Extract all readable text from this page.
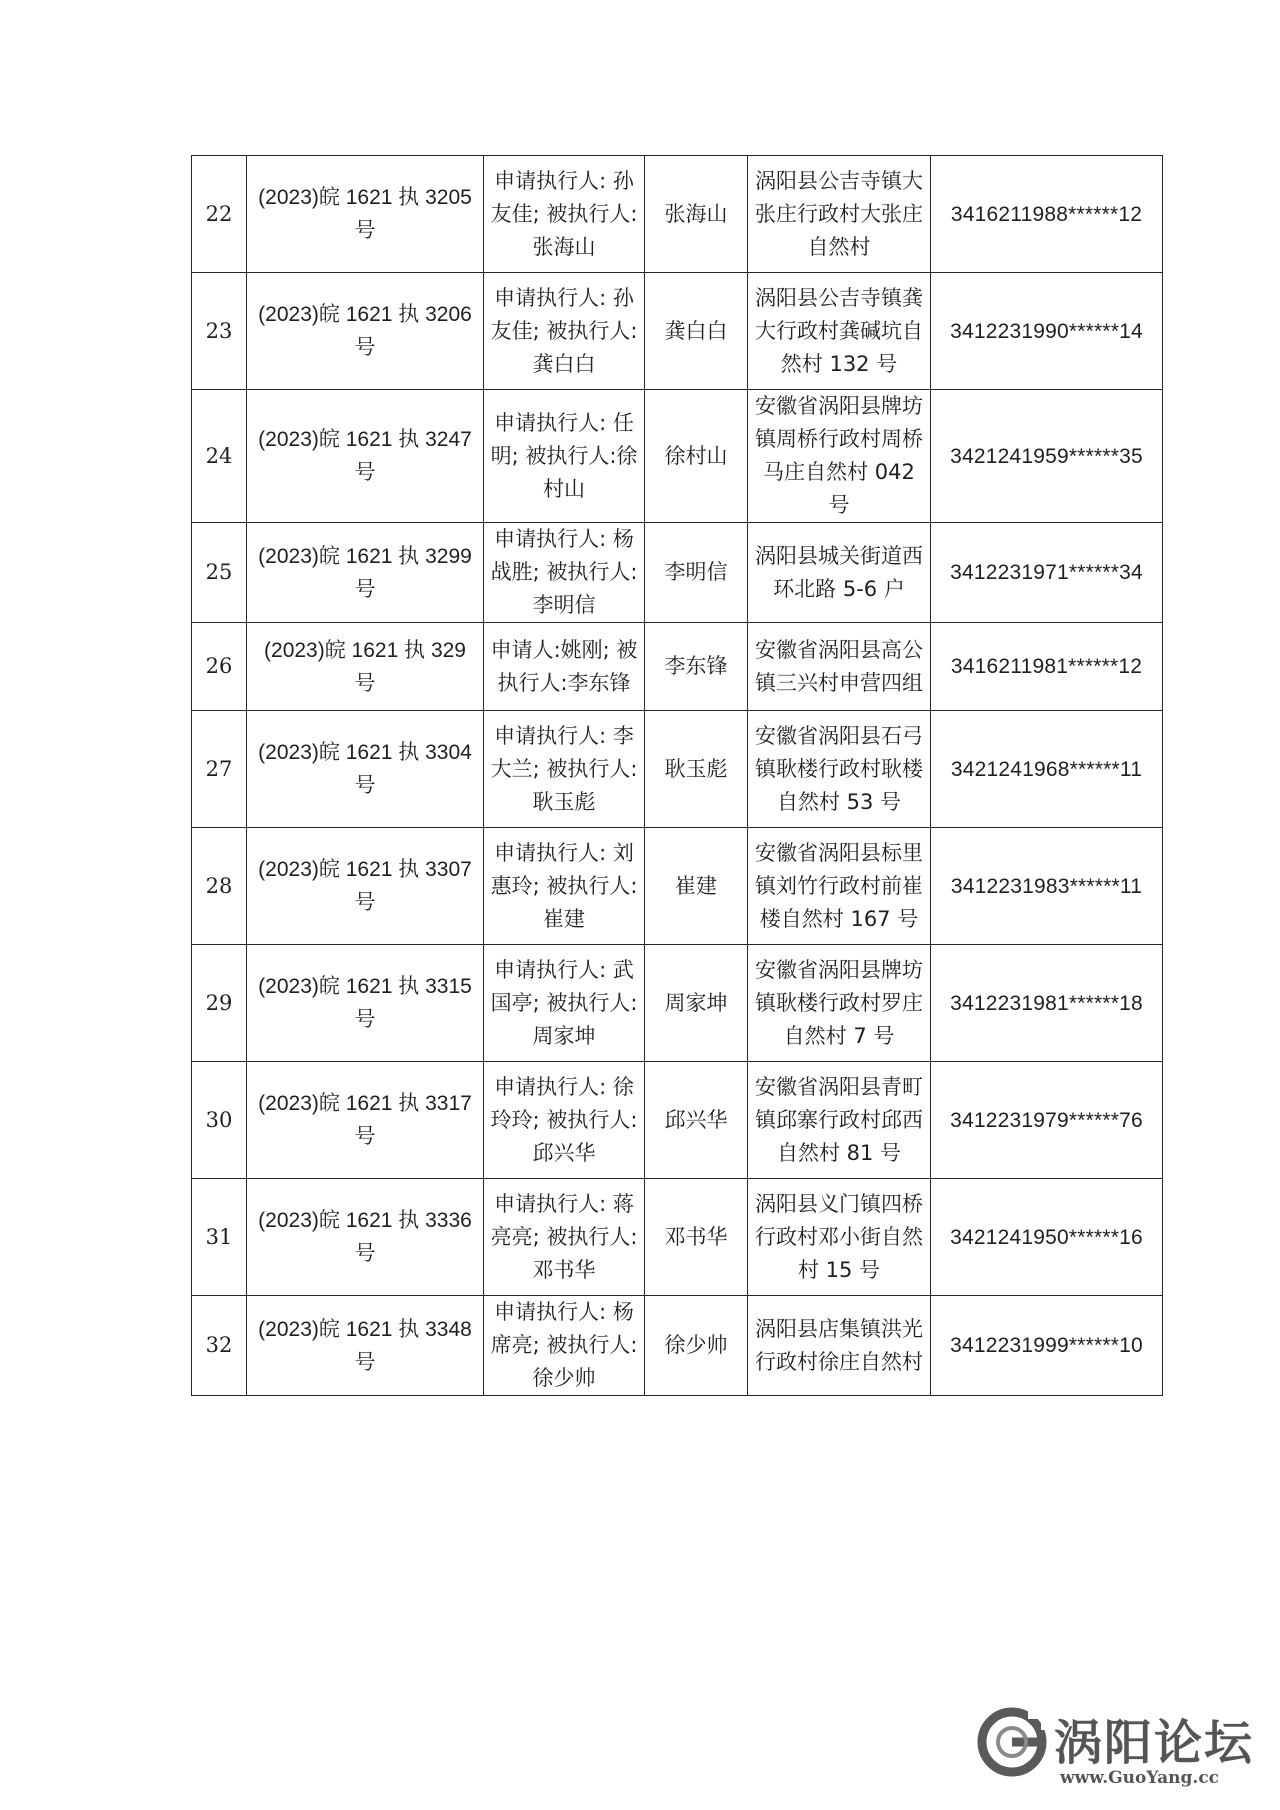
22	(2023)皖 1621 执 3205 号	申请执行人: 孙友佳; 被执行人:张海山	张海山	涡阳县公吉寺镇大张庄行政村大张庄自然村	3416211988******12
23	(2023)皖 1621 执 3206 号	申请执行人: 孙友佳; 被执行人:龚白白	龚白白	涡阳县公吉寺镇龚大行政村龚碱坑自然村 132 号	3412231990******14
24	(2023)皖 1621 执 3247 号	申请执行人: 任明; 被执行人:徐村山	徐村山	安徽省涡阳县牌坊镇周桥行政村周桥马庄自然村 042 号	3421241959******35
25	(2023)皖 1621 执 3299 号	申请执行人: 杨战胜; 被执行人:李明信	李明信	涡阳县城关街道西环北路 5-6 户	3412231971******34
26	(2023)皖 1621 执 329 号	申请人:姚刚; 被执行人:李东锋	李东锋	安徽省涡阳县高公镇三兴村申营四组	3416211981******12
27	(2023)皖 1621 执 3304 号	申请执行人: 李大兰; 被执行人:耿玉彪	耿玉彪	安徽省涡阳县石弓镇耿楼行政村耿楼自然村 53 号	3421241968******11
28	(2023)皖 1621 执 3307 号	申请执行人: 刘惠玲; 被执行人:崔建	崔建	安徽省涡阳县标里镇刘竹行政村前崔楼自然村 167 号	3412231983******11
29	(2023)皖 1621 执 3315 号	申请执行人: 武国亭; 被执行人:周家坤	周家坤	安徽省涡阳县牌坊镇耿楼行政村罗庄自然村 7 号	3412231981******18
30	(2023)皖 1621 执 3317 号	申请执行人: 徐玲玲; 被执行人:邱兴华	邱兴华	安徽省涡阳县青町镇邱寨行政村邱西自然村 81 号	3412231979******76
31	(2023)皖 1621 执 3336 号	申请执行人: 蒋亮亮; 被执行人:邓书华	邓书华	涡阳县义门镇四桥行政村邓小街自然村 15 号	3421241950******16
32	(2023)皖 1621 执 3348 号	申请执行人: 杨席亮; 被执行人:徐少帅	徐少帅	涡阳县店集镇洪光行政村徐庄自然村	3412231999******10
涡阳论坛
www.GuoYang.cc
